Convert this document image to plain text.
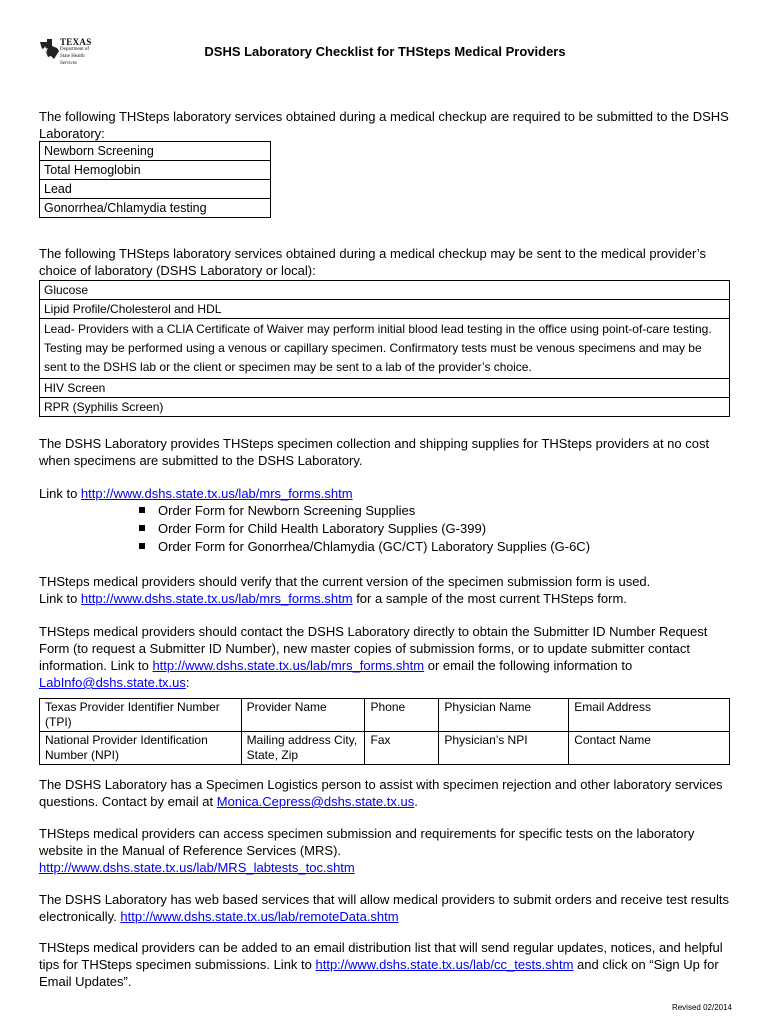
TEXAS
Department of
State Health Services
DSHS Laboratory Checklist for THSteps Medical Providers
The following THSteps laboratory services obtained during a medical checkup are required to be submitted to the DSHS Laboratory:
Newborn Screening
Total Hemoglobin
Lead
Gonorrhea/Chlamydia testing
The following THSteps laboratory services obtained during a medical checkup may be sent to the medical provider’s choice of laboratory (DSHS Laboratory or local):
Glucose
Lipid Profile/Cholesterol and HDL
Lead- Providers with a CLIA Certificate of Waiver may perform initial blood lead testing in the office using point-of-care testing. Testing may be performed using a venous or capillary specimen. Confirmatory tests must be venous specimens and may be sent to the DSHS lab or the client or specimen may be sent to a lab of the provider’s choice.
HIV Screen
RPR (Syphilis Screen)
The DSHS Laboratory provides THSteps specimen collection and shipping supplies for THSteps providers at no cost when specimens are submitted to the DSHS Laboratory.
Link to http://www.dshs.state.tx.us/lab/mrs_forms.shtm
Order Form for Newborn Screening Supplies
Order Form for Child Health Laboratory Supplies (G-399)
Order Form for Gonorrhea/Chlamydia (GC/CT) Laboratory Supplies (G-6C)
THSteps medical providers should verify that the current version of the specimen submission form is used.
Link to http://www.dshs.state.tx.us/lab/mrs_forms.shtm for a sample of the most current THSteps form.
THSteps medical providers should contact the DSHS Laboratory directly to obtain the Submitter ID Number Request Form (to request a Submitter ID Number), new master copies of submission forms, or to update submitter contact information. Link to http://www.dshs.state.tx.us/lab/mrs_forms.shtm or email the following information to LabInfo@dshs.state.tx.us:
Texas Provider Identifier Number (TPI)	Provider Name	Phone	Physician Name	Email Address
National Provider Identification Number (NPI)	Mailing address City, State, Zip	Fax	Physician’s NPI	Contact Name
The DSHS Laboratory has a Specimen Logistics person to assist with specimen rejection and other laboratory services questions. Contact by email at Monica.Cepress@dshs.state.tx.us.
THSteps medical providers can access specimen submission and requirements for specific tests on the laboratory website in the Manual of Reference Services (MRS).
http://www.dshs.state.tx.us/lab/MRS_labtests_toc.shtm
The DSHS Laboratory has web based services that will allow medical providers to submit orders and receive test results electronically. http://www.dshs.state.tx.us/lab/remoteData.shtm
THSteps medical providers can be added to an email distribution list that will send regular updates, notices, and helpful tips for THSteps specimen submissions. Link to http://www.dshs.state.tx.us/lab/cc_tests.shtm and click on “Sign Up for Email Updates”.
Revised 02/2014
